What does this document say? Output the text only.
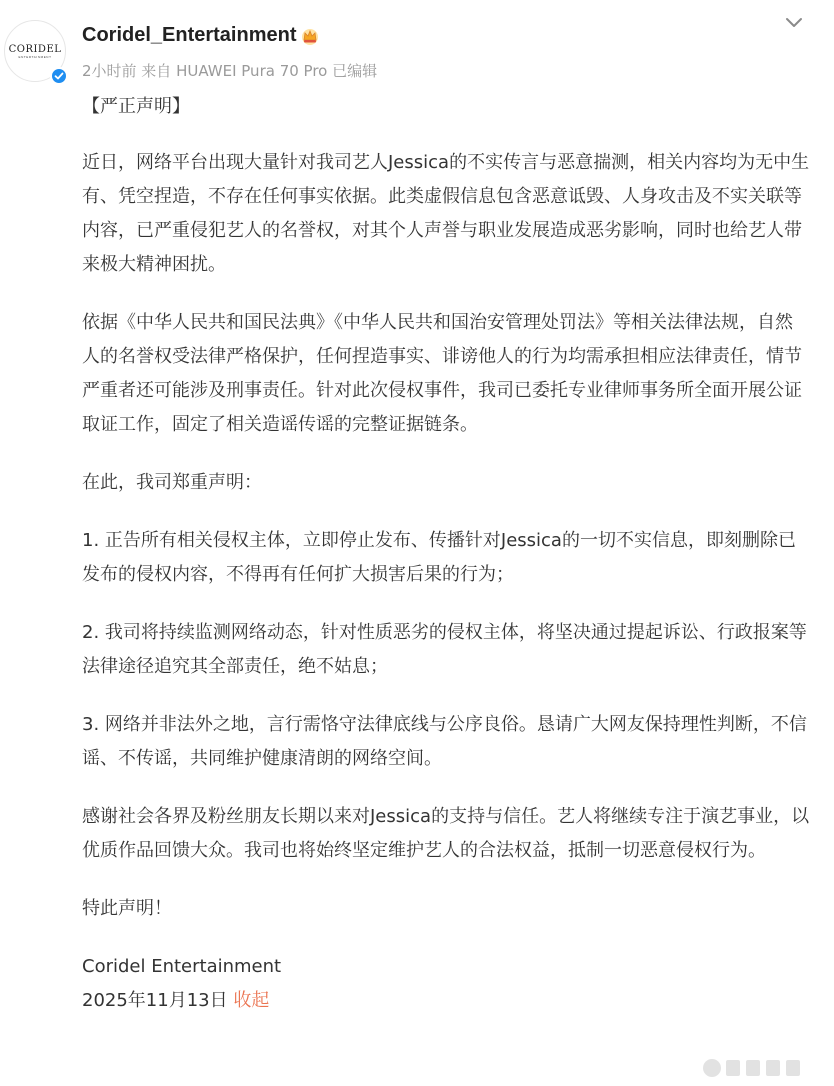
CORIDEL
ENTERTAINMENT
Coridel_Entertainment
2小时前 来自 HUAWEI Pura 70 Pro 已编辑

【严正声明】

近日，网络平台出现大量针对我司艺人Jessica的不实传言与恶意揣测，相关内容均为无中生有、凭空捏造，不存在任何事实依据。此类虚假信息包含恶意诋毁、人身攻击及不实关联等内容，已严重侵犯艺人的名誉权，对其个人声誉与职业发展造成恶劣影响，同时也给艺人带来极大精神困扰。

依据《中华人民共和国民法典》《中华人民共和国治安管理处罚法》等相关法律法规，自然人的名誉权受法律严格保护，任何捏造事实、诽谤他人的行为均需承担相应法律责任，情节严重者还可能涉及刑事责任。针对此次侵权事件，我司已委托专业律师事务所全面开展公证取证工作，固定了相关造谣传谣的完整证据链条。

在此，我司郑重声明：

1. 正告所有相关侵权主体，立即停止发布、传播针对Jessica的一切不实信息，即刻删除已发布的侵权内容，不得再有任何扩大损害后果的行为；

2. 我司将持续监测网络动态，针对性质恶劣的侵权主体，将坚决通过提起诉讼、行政报案等法律途径追究其全部责任，绝不姑息；

3. 网络并非法外之地，言行需恪守法律底线与公序良俗。恳请广大网友保持理性判断，不信谣、不传谣，共同维护健康清朗的网络空间。

感谢社会各界及粉丝朋友长期以来对Jessica的支持与信任。艺人将继续专注于演艺事业，以优质作品回馈大众。我司也将始终坚定维护艺人的合法权益，抵制一切恶意侵权行为。

特此声明！

Coridel Entertainment

2025年11月13日 收起
